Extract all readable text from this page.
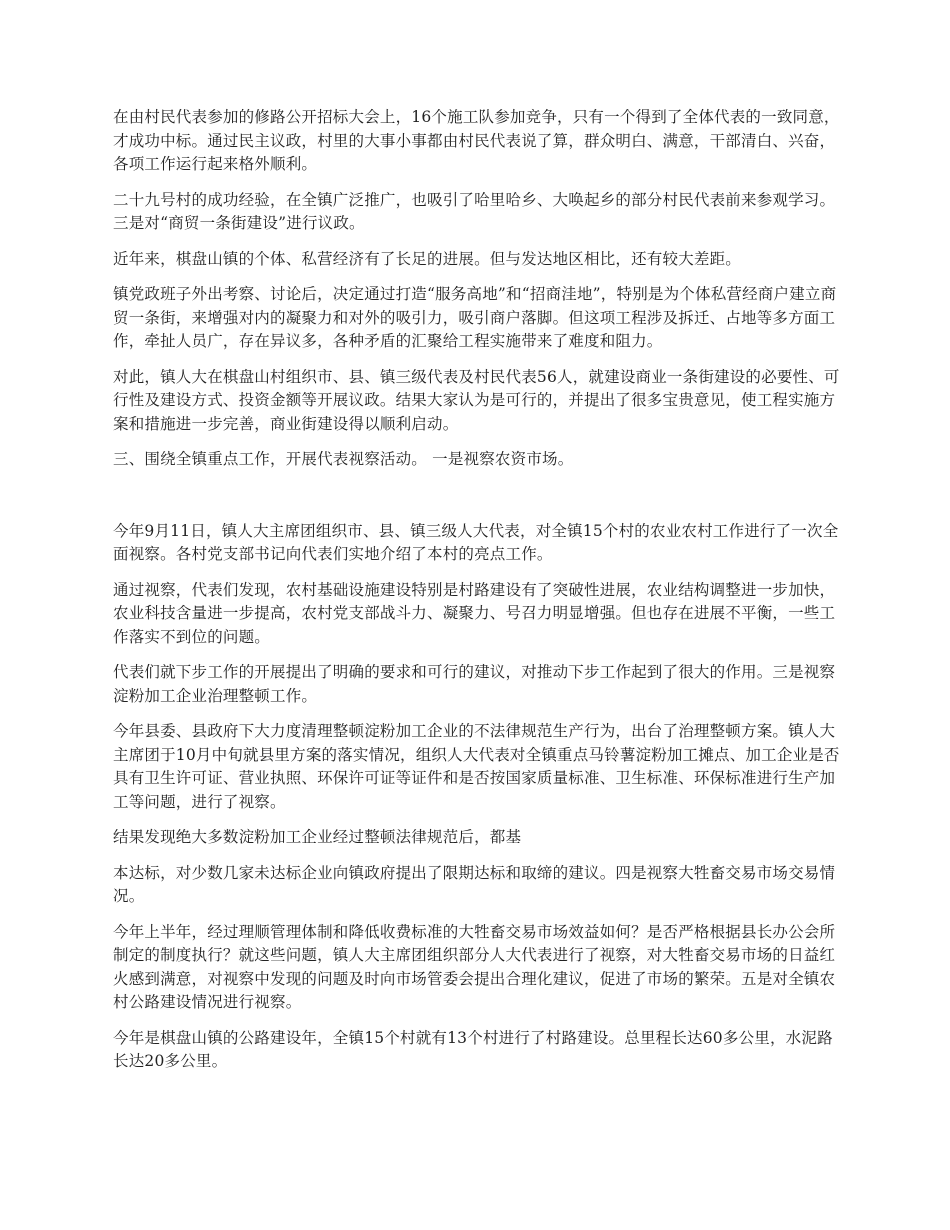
在由村民代表参加的修路公开招标大会上，16个施工队参加竞争，只有一个得到了全体代表的一致同意，才成功中标。通过民主议政，村里的大事小事都由村民代表说了算，群众明白、满意，干部清白、兴奋，各项工作运行起来格外顺利。

二十九号村的成功经验，在全镇广泛推广，也吸引了哈里哈乡、大唤起乡的部分村民代表前来参观学习。 三是对“商贸一条街建设”进行议政。

近年来，棋盘山镇的个体、私营经济有了长足的进展。但与发达地区相比，还有较大差距。

镇党政班子外出考察、讨论后，决定通过打造“服务高地”和“招商洼地”，特别是为个体私营经商户建立商贸一条街，来增强对内的凝聚力和对外的吸引力，吸引商户落脚。但这项工程涉及拆迁、占地等多方面工作，牵扯人员广，存在异议多，各种矛盾的汇聚给工程实施带来了难度和阻力。

对此，镇人大在棋盘山村组织市、县、镇三级代表及村民代表56人，就建设商业一条街建设的必要性、可行性及建设方式、投资金额等开展议政。结果大家认为是可行的，并提出了很多宝贵意见，使工程实施方案和措施进一步完善，商业街建设得以顺利启动。

三、围绕全镇重点工作，开展代表视察活动。 一是视察农资市场。

今年9月11日，镇人大主席团组织市、县、镇三级人大代表，对全镇15个村的农业农村工作进行了一次全面视察。各村党支部书记向代表们实地介绍了本村的亮点工作。

通过视察，代表们发现，农村基础设施建设特别是村路建设有了突破性进展，农业结构调整进一步加快，农业科技含量进一步提高，农村党支部战斗力、凝聚力、号召力明显增强。但也存在进展不平衡，一些工作落实不到位的问题。

代表们就下步工作的开展提出了明确的要求和可行的建议，对推动下步工作起到了很大的作用。三是视察淀粉加工企业治理整顿工作。

今年县委、县政府下大力度清理整顿淀粉加工企业的不法律规范生产行为，出台了治理整顿方案。镇人大主席团于10月中旬就县里方案的落实情况，组织人大代表对全镇重点马铃薯淀粉加工摊点、加工企业是否具有卫生许可证、营业执照、环保许可证等证件和是否按国家质量标准、卫生标准、环保标准进行生产加工等问题，进行了视察。

结果发现绝大多数淀粉加工企业经过整顿法律规范后，都基

本达标，对少数几家未达标企业向镇政府提出了限期达标和取缔的建议。四是视察大牲畜交易市场交易情况。

今年上半年，经过理顺管理体制和降低收费标准的大牲畜交易市场效益如何？是否严格根据县长办公会所制定的制度执行？就这些问题，镇人大主席团组织部分人大代表进行了视察，对大牲畜交易市场的日益红火感到满意，对视察中发现的问题及时向市场管委会提出合理化建议，促进了市场的繁荣。五是对全镇农村公路建设情况进行视察。

今年是棋盘山镇的公路建设年，全镇15个村就有13个村进行了村路建设。总里程长达60多公里，水泥路长达20多公里。
